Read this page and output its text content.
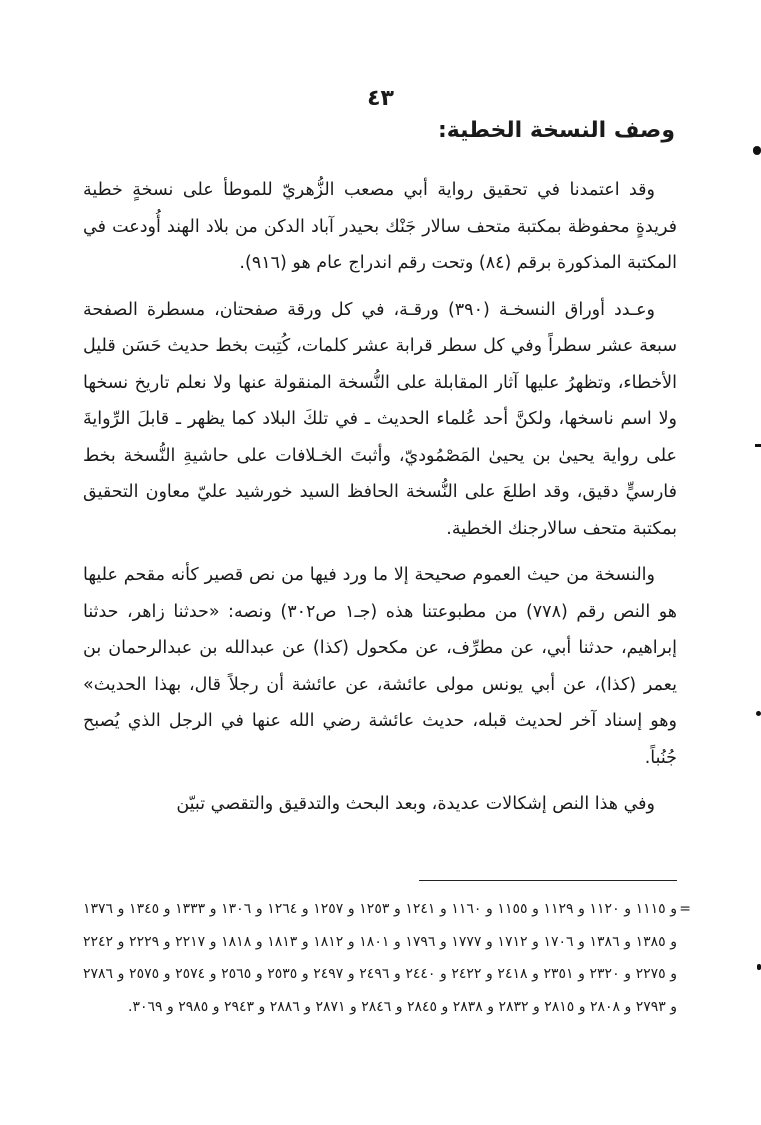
٤٣
وصف النسخة الخطية:

وقد اعتمدنا في تحقيق رواية أبي مصعب الزُّهريّ للموطأ على نسخةٍ خطية فريدةٍ محفوظة بمكتبة متحف سالار جَنْك بحيدر آباد الدكن من بلاد الهند أُودعت في المكتبة المذكورة برقم (٨٤) وتحت رقم اندراج عام هو (٩١٦).

وعـدد أوراق النسخـة (٣٩٠) ورقـة، في كل ورقة صفحتان، مسطرة الصفحة سبعة عشر سطراً وفي كل سطر قرابة عشر كلمات، كُتِبت بخط حديث حَسَن قليل الأخطاء، وتظهرُ عليها آثار المقابلة على النُّسخة المنقولة عنها ولا نعلم تاريخ نسخها ولا اسم ناسخها، ولكنَّ أحد عُلماء الحديث ـ في تلكَ البلاد كما يظهر ـ قابلَ الرِّوايةَ على رواية يحيىٰ بن يحيىٰ المَصْمُوديّ، وأثبتَ الخـلافات على حاشيةِ النُّسخة بخط فارسيٍّ دقيق، وقد اطلعَ على النُّسخة الحافظ السيد خورشيد عليّ معاون التحقيق بمكتبة متحف سالارجنك الخطية.

والنسخة من حيث العموم صحيحة إلا ما ورد فيها من نص قصير كأنه مقحم عليها هو النص رقم (٧٧٨) من مطبوعتنا هذه (جـ١ ص٣٠٢) ونصه: «حدثنا زاهر، حدثنا إبراهيم، حدثنا أبي، عن مطرِّف، عن مكحول (كذا) عن عبدالله بن عبدالرحمان بن يعمر (كذا)، عن أبي يونس مولى عائشة، عن عائشة أن رجلاً قال، بهذا الحديث» وهو إسناد آخر لحديث قبله، حديث عائشة رضي الله عنها في الرجل الذي يُصبح جُنُباً.

وفي هذا النص إشكالات عديدة، وبعد البحث والتدقيق والتقصي تبيّن

=
و ١١١٥ و ١١٢٠ و ١١٢٩ و ١١٥٥ و ١١٦٠ و ١٢٤١ و ١٢٥٣ و ١٢٥٧ و ١٢٦٤ و ١٣٠٦ و ١٣٣٣ و ١٣٤٥ و ١٣٧٦ و ١٣٨٥ و ١٣٨٦ و ١٧٠٦ و ١٧١٢ و ١٧٧٧ و ١٧٩٦ و ١٨٠١ و ١٨١٢ و ١٨١٣ و ١٨١٨ و ٢٢١٧ و ٢٢٢٩ و ٢٢٤٢ و ٢٢٧٥ و ٢٣٢٠ و ٢٣٥١ و ٢٤١٨ و ٢٤٢٢ و ٢٤٤٠ و ٢٤٩٦ و ٢٤٩٧ و ٢٥٣٥ و ٢٥٦٥ و ٢٥٧٤ و ٢٥٧٥ و ٢٧٨٦ و ٢٧٩٣ و ٢٨٠٨ و ٢٨١٥ و ٢٨٣٢ و ٢٨٣٨ و ٢٨٤٥ و ٢٨٤٦ و ٢٨٧١ و ٢٨٨٦ و ٢٩٤٣ و ٢٩٨٥ و ٣٠٦٩.
